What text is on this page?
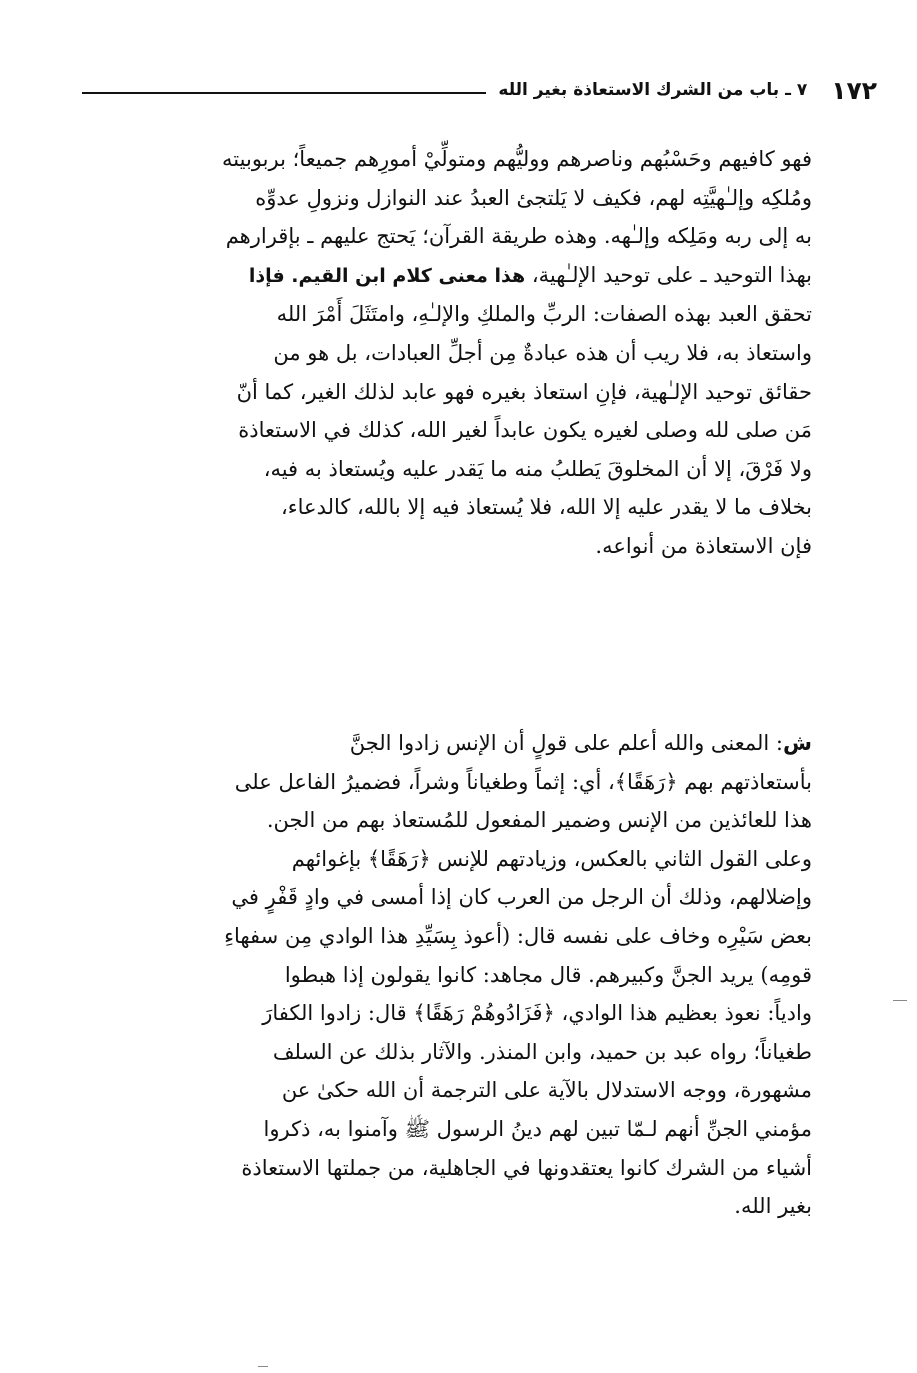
١٧٢
٧ ـ باب من الشرك الاستعاذة بغير الله
فهو كافيهم وحَسْبُهم وناصرهم ووليُّهم ومتولِّيْ أمورِهم جميعاً؛ بربوبيته
ومُلكِه وإلـٰهيَّتِه لهم، فكيف لا يَلتجئ العبدُ عند النوازل ونزولِ عدوِّه
به إلى ربه ومَلِكه وإلـٰهه. وهذه طريقة القرآن؛ يَحتج عليهم ـ بإقرارهم
بهذا التوحيد ـ على توحيد الإلـٰهية، هذا معنى كلام ابن القيم. فإذا
تحقق العبد بهذه الصفات: الربِّ والملكِ والإلـٰهِ، وامتَثَلَ أَمْرَ الله
واستعاذ به، فلا ريب أن هذه عبادةٌ مِن أجلِّ العبادات، بل هو من
حقائق توحيد الإلـٰهية، فإنِ استعاذ بغيره فهو عابد لذلك الغير، كما أنّ
مَن صلى لله وصلى لغيره يكون عابداً لغير الله، كذلك في الاستعاذة
ولا فَرْقَ، إلا أن المخلوقَ يَطلبُ منه ما يَقدر عليه ويُستعاذ به فيه،
بخلاف ما لا يقدر عليه إلا الله، فلا يُستعاذ فيه إلا بالله، كالدعاء،
فإن الاستعاذة من أنواعه.
ش: المعنى والله أعلم على قولٍ أن الإنس زادوا الجنَّ
بأستعاذتهم بهم ﴿رَهَقًا﴾، أي: إثماً وطغياناً وشراً، فضميرُ الفاعل على
هذا للعائذين من الإنس وضمير المفعول للمُستعاذ بهم من الجن.
وعلى القول الثاني بالعكس، وزيادتهم للإنس ﴿رَهَقًا﴾ بإغوائهم
وإضلالهم، وذلك أن الرجل من العرب كان إذا أمسى في وادٍ قَفْرٍ في
بعض سَيْرِه وخاف على نفسه قال: (أعوذ بِسَيِّدِ هذا الوادي مِن سفهاءِ
قومِه) يريد الجنَّ وكبيرهم. قال مجاهد: كانوا يقولون إذا هبطوا
وادياً: نعوذ بعظيم هذا الوادي، ﴿فَزَادُوهُمْ رَهَقًا﴾ قال: زادوا الكفارَ
طغياناً؛ رواه عبد بن حميد، وابن المنذر. والآثار بذلك عن السلف
مشهورة، ووجه الاستدلال بالآية على الترجمة أن الله حكىٰ عن
مؤمني الجنِّ أنهم لـمّا تبين لهم دينُ الرسول ﷺ وآمنوا به، ذكروا
أشياء من الشرك كانوا يعتقدونها في الجاهلية، من جملتها الاستعاذة
بغير الله.
